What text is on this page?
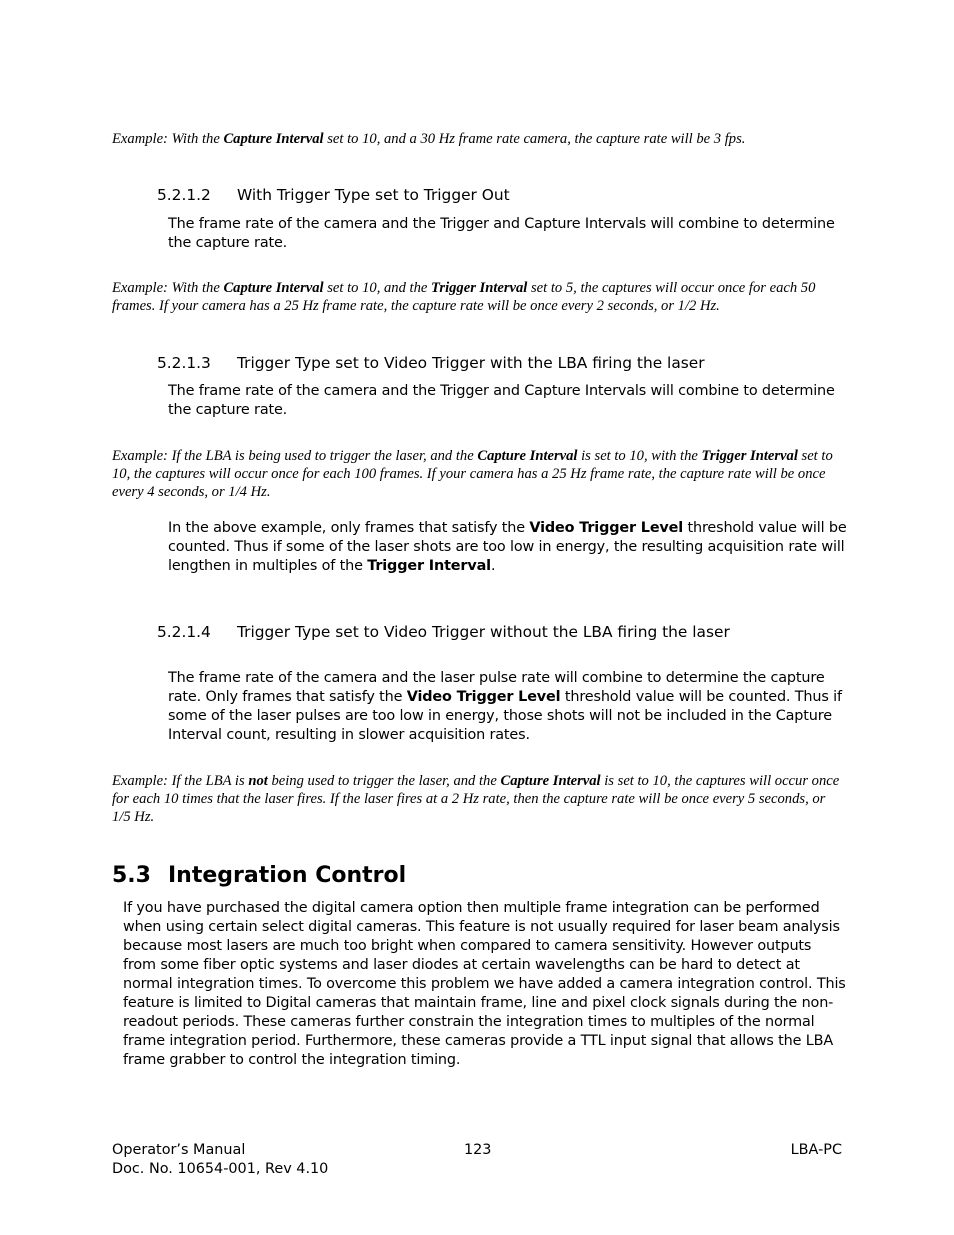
Example: With the Capture Interval set to 10, and a 30 Hz frame rate camera, the capture rate will be 3 fps.
5.2.1.2 With Trigger Type set to Trigger Out
The frame rate of the camera and the Trigger and Capture Intervals will combine to determine the capture rate.
Example: With the Capture Interval set to 10, and the Trigger Interval set to 5, the captures will occur once for each 50 frames. If your camera has a 25 Hz frame rate, the capture rate will be once every 2 seconds, or 1/2 Hz.
5.2.1.3 Trigger Type set to Video Trigger with the LBA firing the laser
The frame rate of the camera and the Trigger and Capture Intervals will combine to determine the capture rate.
Example: If the LBA is being used to trigger the laser, and the Capture Interval is set to 10, with the Trigger Interval set to 10, the captures will occur once for each 100 frames. If your camera has a 25 Hz frame rate, the capture rate will be once every 4 seconds, or 1/4 Hz.
In the above example, only frames that satisfy the Video Trigger Level threshold value will be counted. Thus if some of the laser shots are too low in energy, the resulting acquisition rate will lengthen in multiples of the Trigger Interval.
5.2.1.4 Trigger Type set to Video Trigger without the LBA firing the laser
The frame rate of the camera and the laser pulse rate will combine to determine the capture rate. Only frames that satisfy the Video Trigger Level threshold value will be counted. Thus if some of the laser pulses are too low in energy, those shots will not be included in the Capture Interval count, resulting in slower acquisition rates.
Example: If the LBA is not being used to trigger the laser, and the Capture Interval is set to 10, the captures will occur once for each 10 times that the laser fires. If the laser fires at a 2 Hz rate, then the capture rate will be once every 5 seconds, or 1/5 Hz.
5.3 Integration Control
If you have purchased the digital camera option then multiple frame integration can be performed when using certain select digital cameras. This feature is not usually required for laser beam analysis because most lasers are much too bright when compared to camera sensitivity. However outputs from some fiber optic systems and laser diodes at certain wavelengths can be hard to detect at normal integration times. To overcome this problem we have added a camera integration control. This feature is limited to Digital cameras that maintain frame, line and pixel clock signals during the non-readout periods. These cameras further constrain the integration times to multiples of the normal frame integration period. Furthermore, these cameras provide a TTL input signal that allows the LBA frame grabber to control the integration timing.
Operator’s Manual
Doc. No. 10654-001, Rev 4.10
123	LBA-PC
